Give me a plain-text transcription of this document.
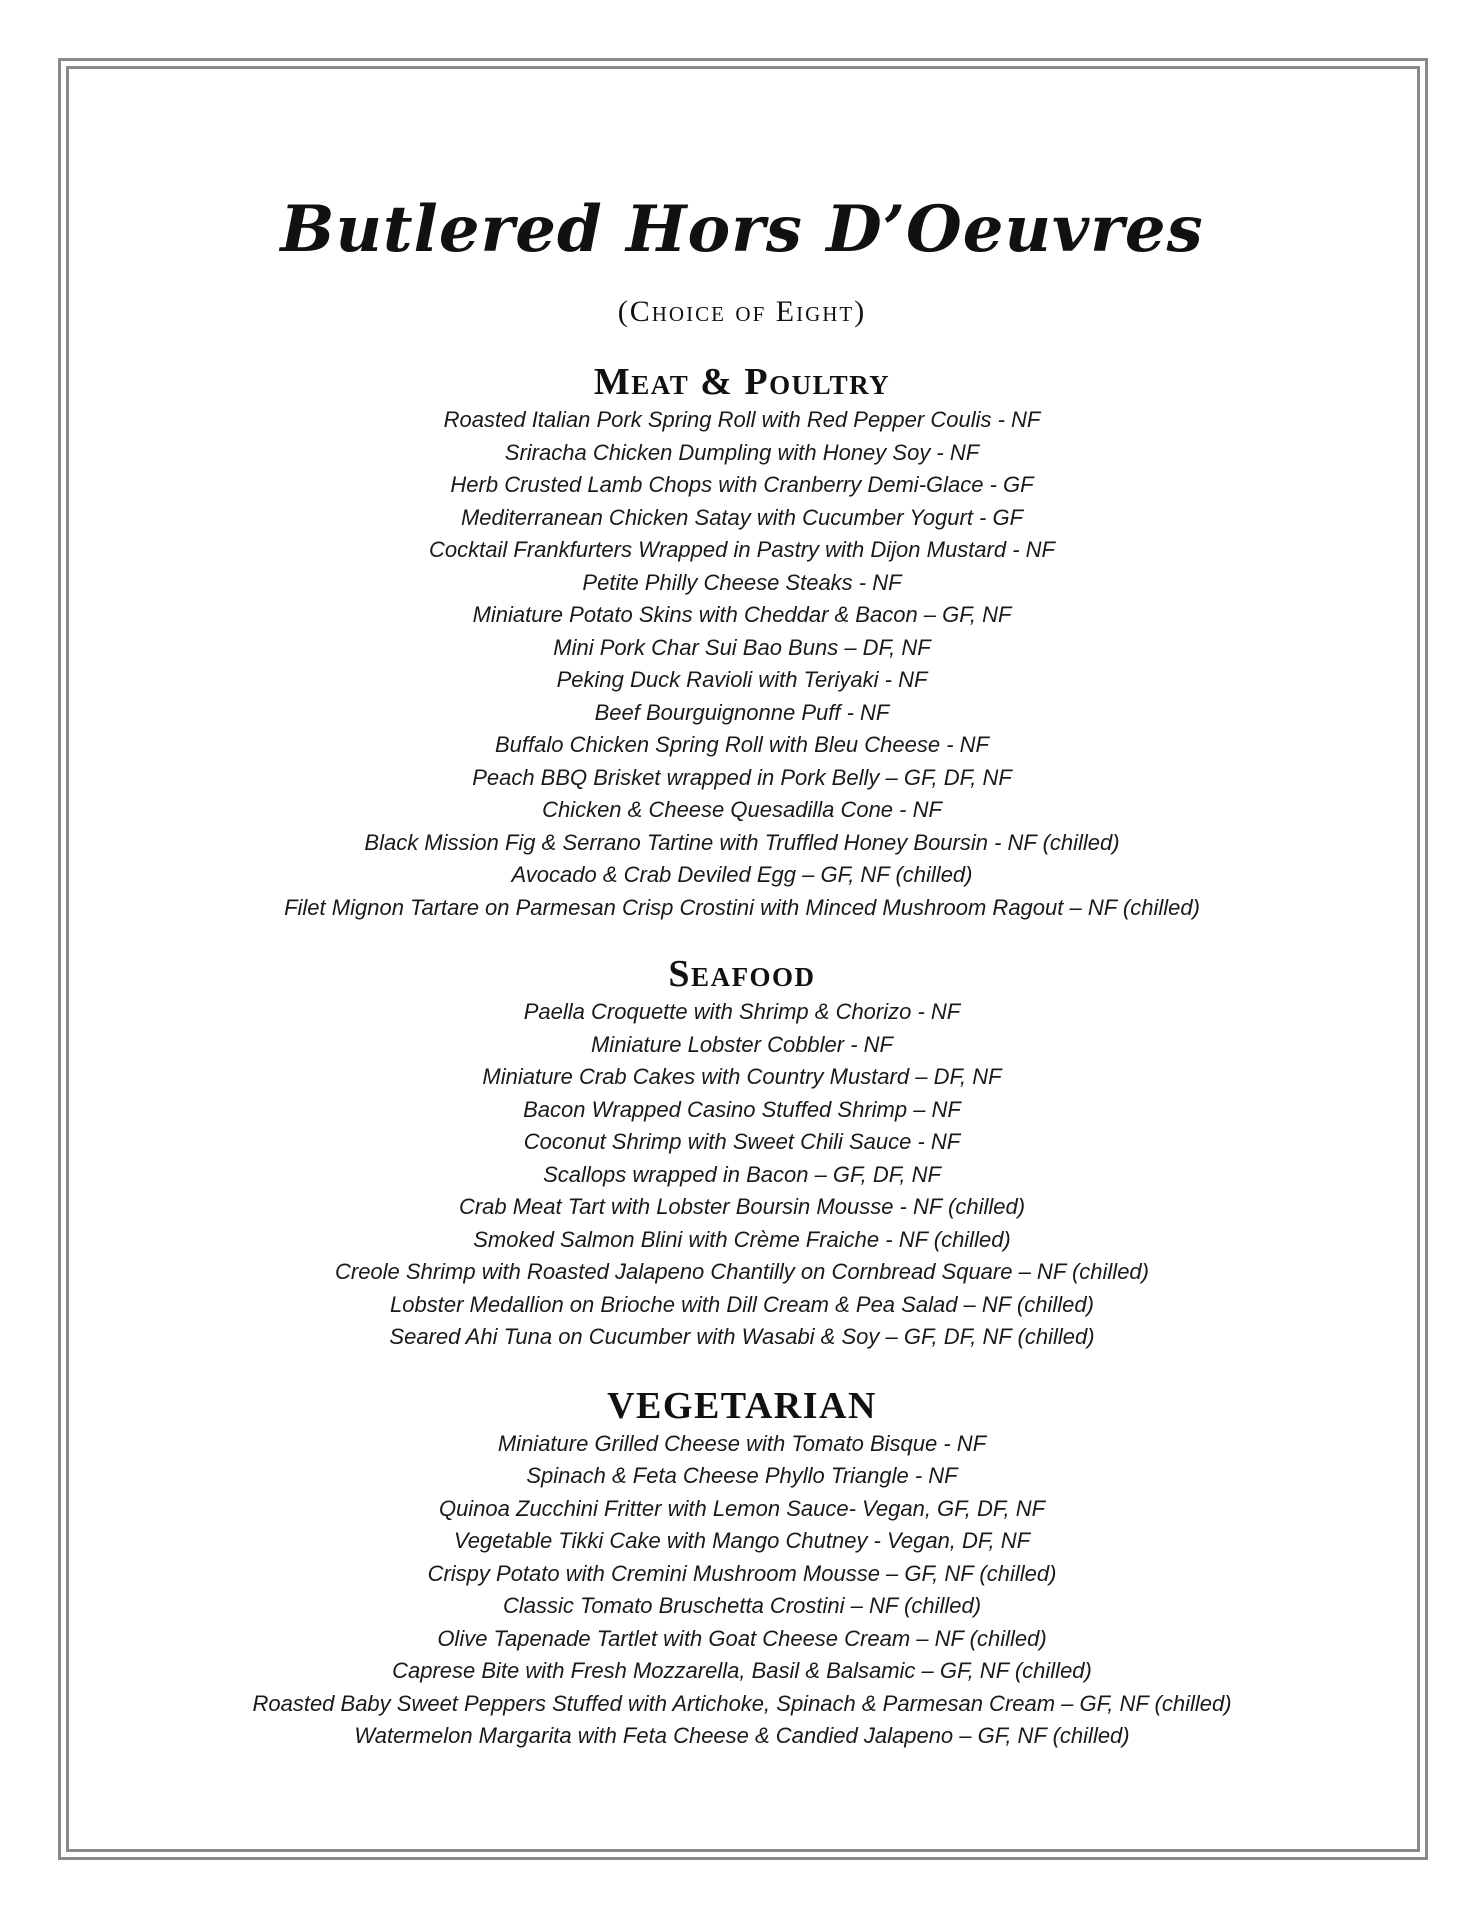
Butlered Hors D’Oeuvres
(Choice of Eight)
Meat & Poultry
Roasted Italian Pork Spring Roll with Red Pepper Coulis - NF
Sriracha Chicken Dumpling with Honey Soy - NF
Herb Crusted Lamb Chops with Cranberry Demi-Glace - GF
Mediterranean Chicken Satay with Cucumber Yogurt - GF
Cocktail Frankfurters Wrapped in Pastry with Dijon Mustard - NF
Petite Philly Cheese Steaks - NF
Miniature Potato Skins with Cheddar & Bacon – GF, NF
Mini Pork Char Sui Bao Buns – DF, NF
Peking Duck Ravioli with Teriyaki - NF
Beef Bourguignonne Puff - NF
Buffalo Chicken Spring Roll with Bleu Cheese - NF
Peach BBQ Brisket wrapped in Pork Belly – GF, DF, NF
Chicken & Cheese Quesadilla Cone - NF
Black Mission Fig & Serrano Tartine with Truffled Honey Boursin - NF (chilled)
Avocado & Crab Deviled Egg – GF, NF (chilled)
Filet Mignon Tartare on Parmesan Crisp Crostini with Minced Mushroom Ragout – NF (chilled)
Seafood
Paella Croquette with Shrimp & Chorizo - NF
Miniature Lobster Cobbler - NF
Miniature Crab Cakes with Country Mustard – DF, NF
Bacon Wrapped Casino Stuffed Shrimp – NF
Coconut Shrimp with Sweet Chili Sauce - NF
Scallops wrapped in Bacon – GF, DF, NF
Crab Meat Tart with Lobster Boursin Mousse - NF (chilled)
Smoked Salmon Blini with Crème Fraiche - NF (chilled)
Creole Shrimp with Roasted Jalapeno Chantilly on Cornbread Square – NF (chilled)
Lobster Medallion on Brioche with Dill Cream & Pea Salad – NF (chilled)
Seared Ahi Tuna on Cucumber with Wasabi & Soy – GF, DF, NF (chilled)
VEGETARIAN
Miniature Grilled Cheese with Tomato Bisque - NF
Spinach & Feta Cheese Phyllo Triangle - NF
Quinoa Zucchini Fritter with Lemon Sauce- Vegan, GF, DF, NF
Vegetable Tikki Cake with Mango Chutney - Vegan, DF, NF
Crispy Potato with Cremini Mushroom Mousse – GF, NF (chilled)
Classic Tomato Bruschetta Crostini – NF (chilled)
Olive Tapenade Tartlet with Goat Cheese Cream – NF (chilled)
Caprese Bite with Fresh Mozzarella, Basil & Balsamic – GF, NF (chilled)
Roasted Baby Sweet Peppers Stuffed with Artichoke, Spinach & Parmesan Cream – GF, NF (chilled)
Watermelon Margarita with Feta Cheese & Candied Jalapeno – GF, NF (chilled)
